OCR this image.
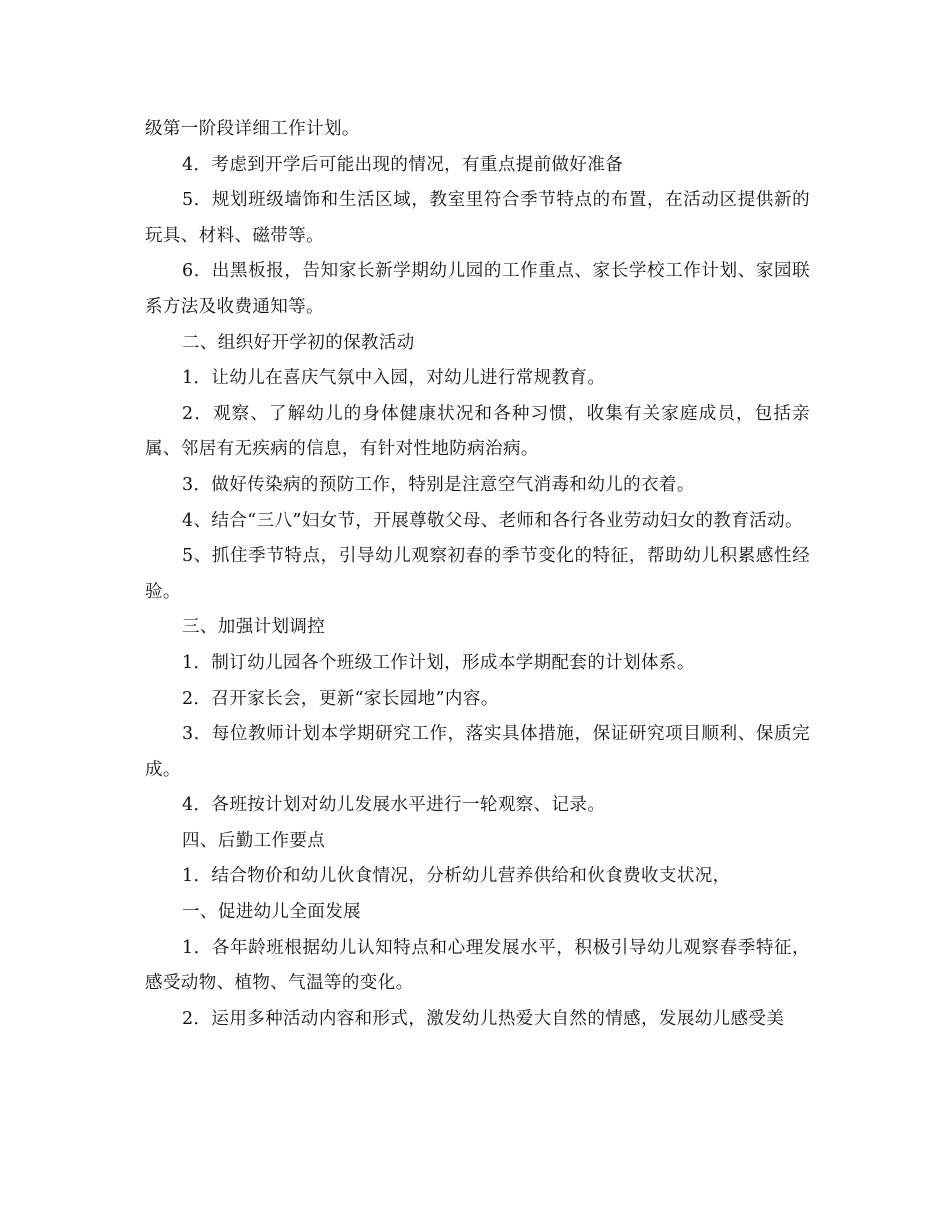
级第一阶段详细工作计划。

4．考虑到开学后可能出现的情况，有重点提前做好准备

5．规划班级墙饰和生活区域，教室里符合季节特点的布置，在活动区提供新的玩具、材料、磁带等。

6．出黑板报，告知家长新学期幼儿园的工作重点、家长学校工作计划、家园联系方法及收费通知等。

二、组织好开学初的保教活动

1．让幼儿在喜庆气氛中入园，对幼儿进行常规教育。

2．观察、了解幼儿的身体健康状况和各种习惯，收集有关家庭成员，包括亲属、邻居有无疾病的信息，有针对性地防病治病。

3．做好传染病的预防工作，特别是注意空气消毒和幼儿的衣着。

4、结合“三八”妇女节，开展尊敬父母、老师和各行各业劳动妇女的教育活动。

5、抓住季节特点，引导幼儿观察初春的季节变化的特征，帮助幼儿积累感性经验。

三、加强计划调控

1．制订幼儿园各个班级工作计划，形成本学期配套的计划体系。

2．召开家长会，更新“家长园地”内容。

3．每位教师计划本学期研究工作，落实具体措施，保证研究项目顺利、保质完成。

4．各班按计划对幼儿发展水平进行一轮观察、记录。

四、后勤工作要点

1．结合物价和幼儿伙食情况，分析幼儿营养供给和伙食费收支状况，

一、促进幼儿全面发展

1．各年龄班根据幼儿认知特点和心理发展水平，积极引导幼儿观察春季特征，感受动物、植物、气温等的变化。

2．运用多种活动内容和形式，激发幼儿热爱大自然的情感，发展幼儿感受美
